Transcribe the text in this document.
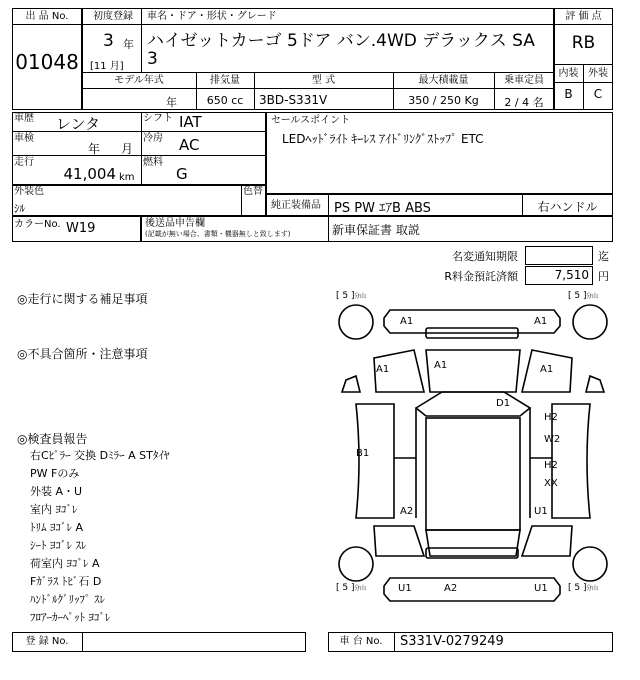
出 品 No.
01048
初度登録 車名・ドア・形状・グレード
3 年
[11 月]
ハイゼットカーゴ 5ドア バン.4WD デラックス SA
3
モデル年式	排気量	型 式	最大積載量	乗車定員
年	650 cc	3BD-S331V	350 / 250 Kg	2 / 4 名
評 価 点
RB
内装 外装
B	C
車歴 レンタ	シフト IAT
車検
年 月
冷房 AC
走行
41,004 km
燃料
G
セールスポイント
LEDﾍｯﾄﾞﾗｲﾄ ｷｰﾚｽ ｱｲﾄﾞﾘﾝｸﾞｽﾄｯﾌﾟ ETC
外装色
ｼﾙ
色替
純正装備品 PS PW ｴｱB ABS	右ハンドル
カラーNo. W19	後送品申告欄
(記載が無い場合、書類・機器無しと致します)	新車保証書 取説
名変通知期限	迄
R料金預託済額	7,510 円
◎走行に関する補足事項
◎不具合箇所・注意事項
◎検査員報告
右Cﾋﾟﾗｰ 交換 Dﾐﾗｰ A STﾀｲﾔ
PW Fのみ
外装 A・U
室内 ﾖｺﾞﾚ
ﾄﾘﾑ ﾖｺﾞﾚ A
ｼｰﾄ ﾖｺﾞﾚ ｽﾚ
荷室内 ﾖｺﾞﾚ A
Fｶﾞﾗｽ ﾄﾋﾞ石 D
ﾊﾝﾄﾞﾙｸﾞﾘｯﾌﾟ ｽﾚ
ﾌﾛｱｰｶｰﾍﾟｯﾄ ﾖｺﾞﾚ
[ 5 ] 分山	[ 5 ] 分山
[ 5 ] 分山	[ 5 ] 分山
A1	A1
A1
A1	A1
D1
H2
W2
H2
XX
B1
A2	U1
U1	A2	U1
登 録 No.	車 台 No.	S331V-0279249
